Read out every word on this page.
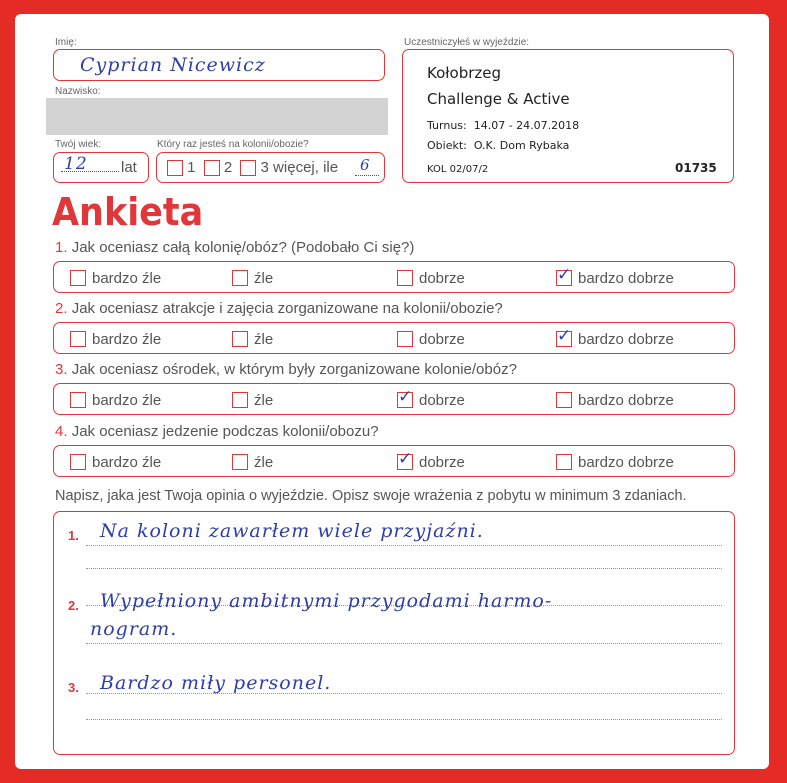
Imię:
Cyprian Nicewicz
Nazwisko:
Twój wiek:
12 lat
Który raz jesteś na kolonii/obozie?
1 2 3 więcej, ile 6
Uczestniczyłeś w wyjeździe:
Kołobrzeg
Challenge & Active
Turnus:  14.07 - 24.07.2018
Obiekt:  O.K. Dom Rybaka
KOL 02/07/2	01735
Ankieta
1. Jak oceniasz całą kolonię/obóz? (Podobało Ci się?)
bardzo źle	źle	dobrze	✓ bardzo dobrze
2. Jak oceniasz atrakcje i zajęcia zorganizowane na kolonii/obozie?
bardzo źle	źle	dobrze	✓ bardzo dobrze
3. Jak oceniasz ośrodek, w którym były zorganizowane kolonie/obóz?
bardzo źle	źle	✓ dobrze	bardzo dobrze
4. Jak oceniasz jedzenie podczas kolonii/obozu?
bardzo źle	źle	✓ dobrze	bardzo dobrze
Napisz, jaka jest Twoja opinia o wyjeździe. Opisz swoje wrażenia z pobytu w minimum 3 zdaniach.
1. Na koloni zawarłem wiele przyjaźni.
2. Wypełniony ambitnymi przygodami harmo-
nogram.
3. Bardzo miły personel.
